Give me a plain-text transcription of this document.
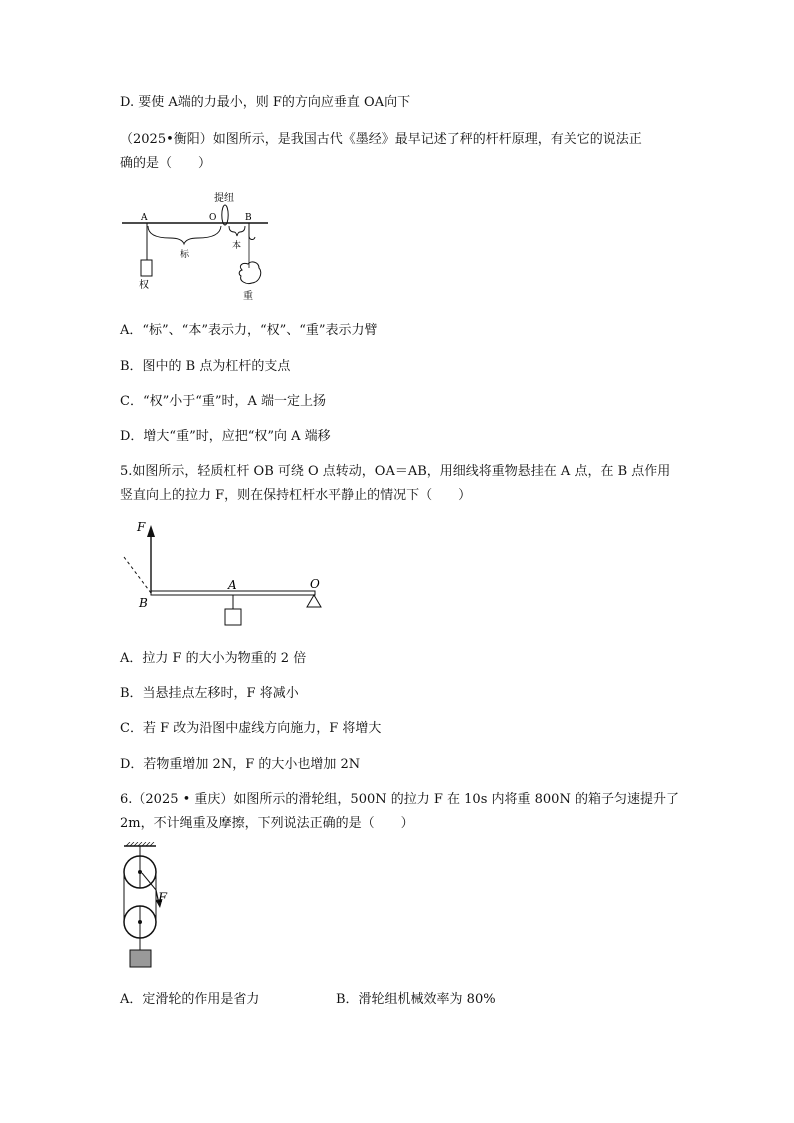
D. 要使 A端的力最小，则 F的方向应垂直 OA向下
（2025•衡阳）如图所示，是我国古代《墨经》最早记述了秤的杆杆原理，有关它的说法正
确的是（　　）
A	O	B
提纽
标
本
权
重
A．“标”、“本”表示力，“权”、“重”表示力臂
B．图中的 B 点为杠杆的支点
C．“权”小于“重”时，A 端一定上扬
D．增大“重”时，应把“权”向 A 端移
5.如图所示，轻质杠杆 OB 可绕 O 点转动，OA＝AB，用细线将重物悬挂在 A 点，在 B 点作用
竖直向上的拉力 F，则在保持杠杆水平静止的情况下（　　）
F
B
A	O
A．拉力 F 的大小为物重的 2 倍
B．当悬挂点左移时，F 将减小
C．若 F 改为沿图中虚线方向施力，F 将增大
D．若物重增加 2N，F 的大小也增加 2N
6.（2025 • 重庆）如图所示的滑轮组，500N 的拉力 F 在 10s 内将重 800N 的箱子匀速提升了
2m，不计绳重及摩擦，下列说法正确的是（　　）
F
A．定滑轮的作用是省力	B．滑轮组机械效率为 80%
